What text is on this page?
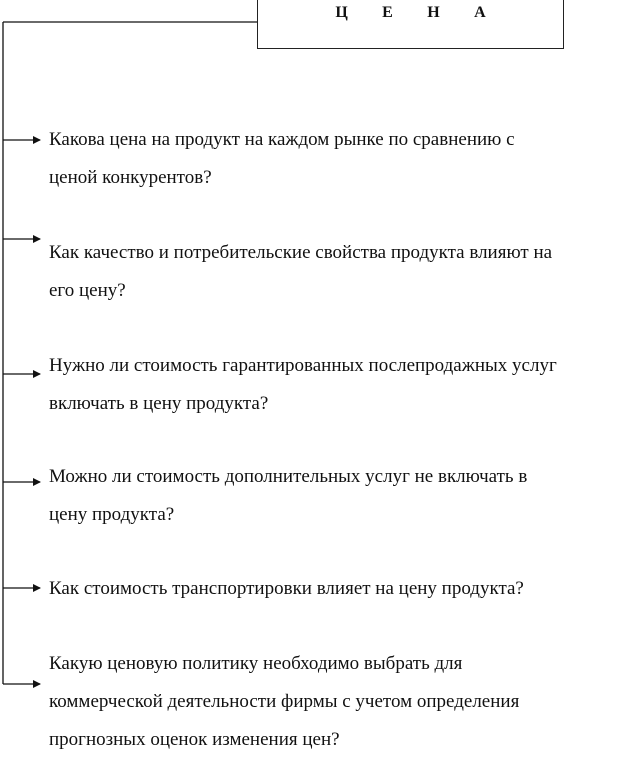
Ц Е Н А
Какова цена на продукт на каждом рынке по сравнению с
ценой конкурентов?
Как качество и потребительские свойства продукта влияют на
его цену?
Нужно ли стоимость гарантированных послепродажных услуг
включать в цену продукта?
Можно ли стоимость дополнительных услуг не включать в
цену продукта?
Как стоимость транспортировки влияет на цену продукта?
Какую ценовую политику необходимо выбрать для
коммерческой деятельности фирмы с учетом определения
прогнозных оценок изменения цен?
